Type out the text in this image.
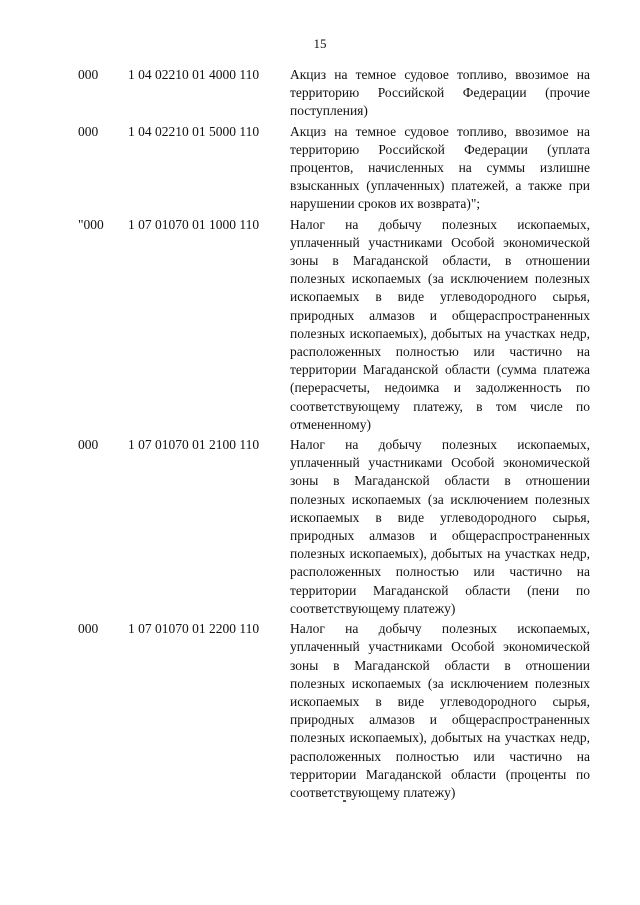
15
000 1 04 02210 01 4000 110 Акциз на темное судовое топливо, ввозимое на территорию Российской Федерации (прочие поступления)
000 1 04 02210 01 5000 110 Акциз на темное судовое топливо, ввозимое на территорию Российской Федерации (уплата процентов, начисленных на суммы излишне взысканных (уплаченных) платежей, а также при нарушении сроков их возврата)";
"000 1 07 01070 01 1000 110 Налог на добычу полезных ископаемых, уплаченный участниками Особой экономической зоны в Магаданской области, в отношении полезных ископаемых (за исключением полезных ископаемых в виде углеводородного сырья, природных алмазов и общераспространенных полезных ископаемых), добытых на участках недр, расположенных полностью или частично на территории Магаданской области (сумма платежа (перерасчеты, недоимка и задолженность по соответствующему платежу, в том числе по отмененному)
000 1 07 01070 01 2100 110 Налог на добычу полезных ископаемых, уплаченный участниками Особой экономической зоны в Магаданской области в отношении полезных ископаемых (за исключением полезных ископаемых в виде углеводородного сырья, природных алмазов и общераспространенных полезных ископаемых), добытых на участках недр, расположенных полностью или частично на территории Магаданской области (пени по соответствующему платежу)
000 1 07 01070 01 2200 110 Налог на добычу полезных ископаемых, уплаченный участниками Особой экономической зоны в Магаданской области в отношении полезных ископаемых (за исключением полезных ископаемых в виде углеводородного сырья, природных алмазов и общераспространенных полезных ископаемых), добытых на участках недр, расположенных полностью или частично на территории Магаданской области (проценты по соответствующему платежу)
